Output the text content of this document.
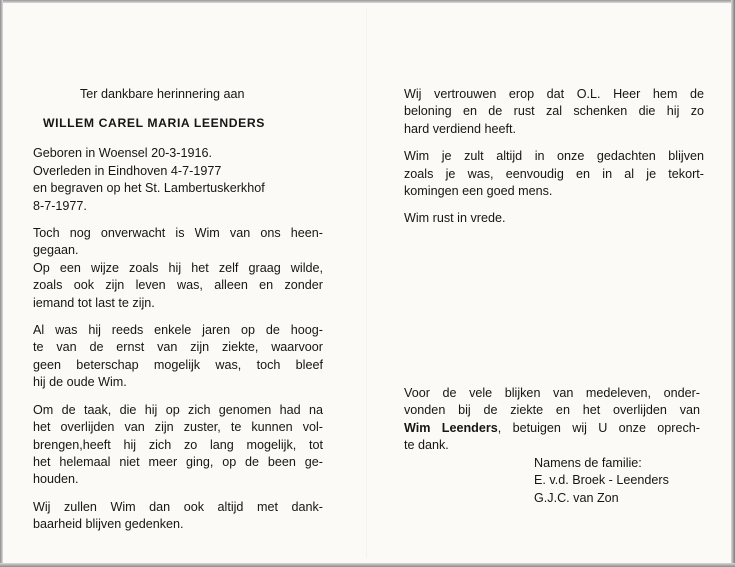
Ter dankbare herinnering aan
WILLEM CAREL MARIA LEENDERS
Geboren in Woensel 20-3-1916.
Overleden in Eindhoven 4-7-1977
en begraven op het St. Lambertuskerkhof
8-7-1977.
Toch nog onverwacht is Wim van ons heen-
gegaan.
Op een wijze zoals hij het zelf graag wilde,
zoals ook zijn leven was, alleen en zonder
iemand tot last te zijn.
Al was hij reeds enkele jaren op de hoog-
te van de ernst van zijn ziekte, waarvoor
geen beterschap mogelijk was, toch bleef
hij de oude Wim.
Om de taak, die hij op zich genomen had na
het overlijden van zijn zuster, te kunnen vol-
brengen,heeft hij zich zo lang mogelijk, tot
het helemaal niet meer ging, op de been ge-
houden.
Wij zullen Wim dan ook altijd met dank-
baarheid blijven gedenken.
Wij vertrouwen erop dat O.L. Heer hem de
beloning en de rust zal schenken die hij zo
hard verdiend heeft.
Wim je zult altijd in onze gedachten blijven
zoals je was, eenvoudig en in al je tekort-
komingen een goed mens.
Wim rust in vrede.
Voor de vele blijken van medeleven, onder-
vonden bij de ziekte en het overlijden van
Wim Leenders, betuigen wij U onze oprech-
te dank.
Namens de familie:
E. v.d. Broek - Leenders
G.J.C. van Zon
